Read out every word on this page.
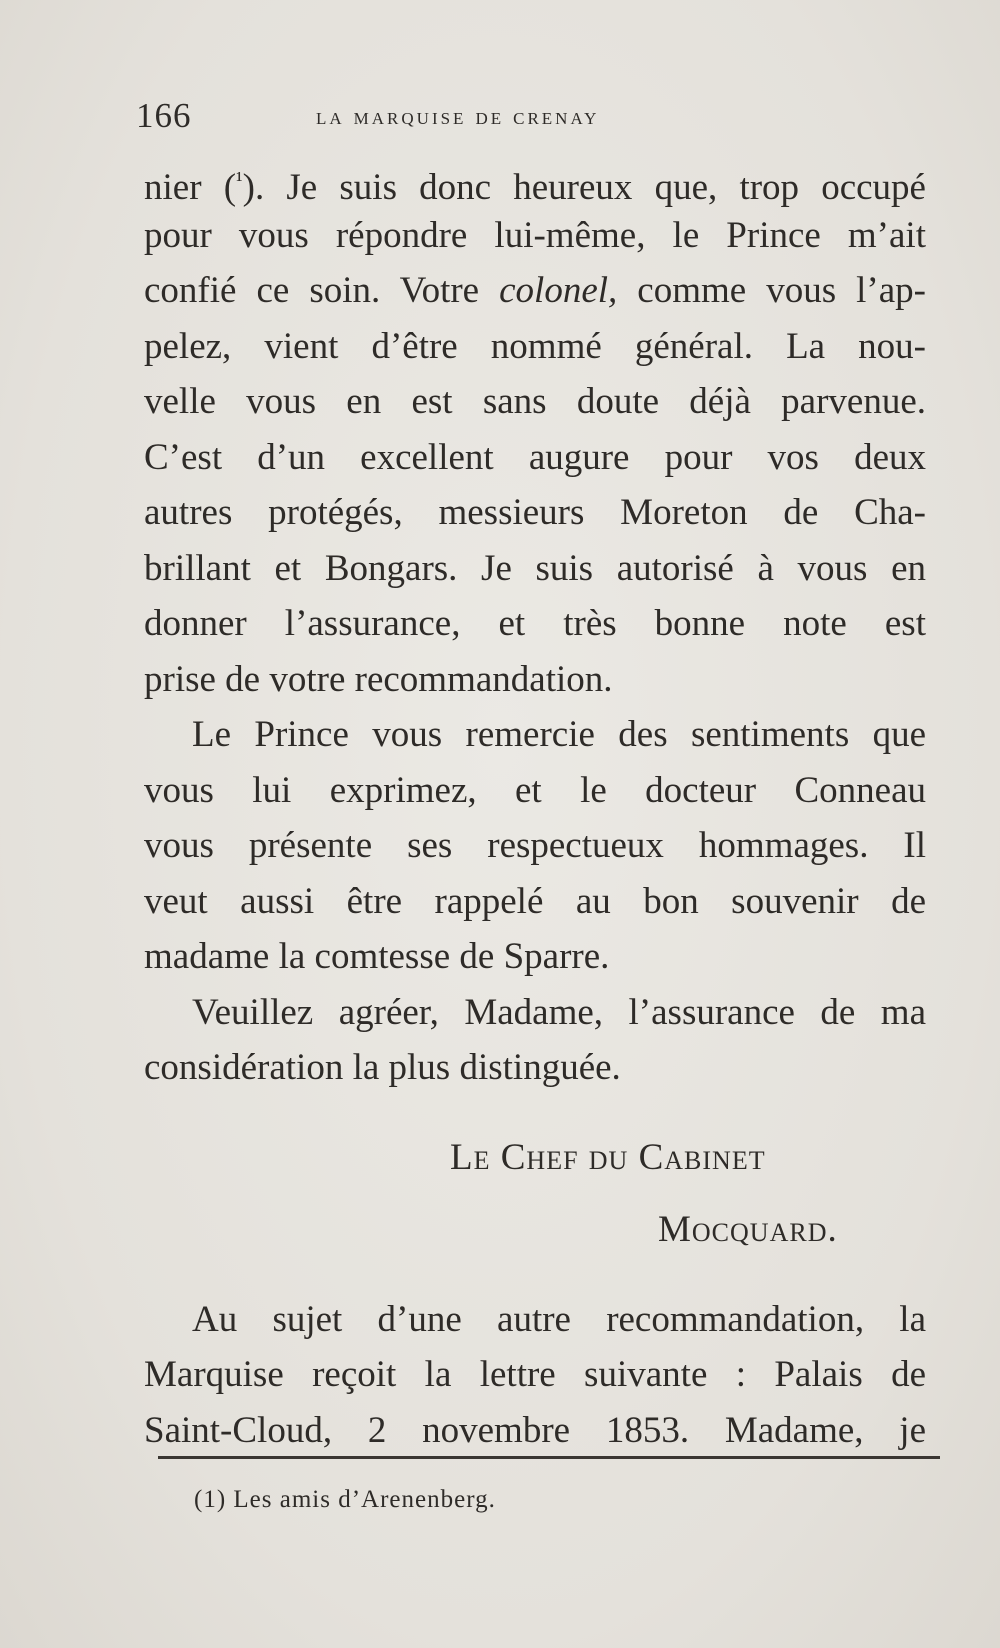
166	la marquise de crenay
nier ($^{^1}$). Je suis donc heureux que, trop occupé
pour vous répondre lui-même, le Prince m’ait
confié ce soin. Votre colonel, comme vous l’ap-
pelez, vient d’être nommé général. La nou-
velle vous en est sans doute déjà parvenue.
C’est d’un excellent augure pour vos deux
autres protégés, messieurs Moreton de Cha-
brillant et Bongars. Je suis autorisé à vous en
donner l’assurance, et très bonne note est
prise de votre recommandation.
Le Prince vous remercie des sentiments que
vous lui exprimez, et le docteur Conneau
vous présente ses respectueux hommages. Il
veut aussi être rappelé au bon souvenir de
madame la comtesse de Sparre.
Veuillez agréer, Madame, l’assurance de ma
considération la plus distinguée.
Le Chef du Cabinet
Mocquard.
Au sujet d’une autre recommandation, la
Marquise reçoit la lettre suivante : Palais de
Saint-Cloud, 2 novembre 1853. Madame, je
(1) Les amis d’Arenenberg.
